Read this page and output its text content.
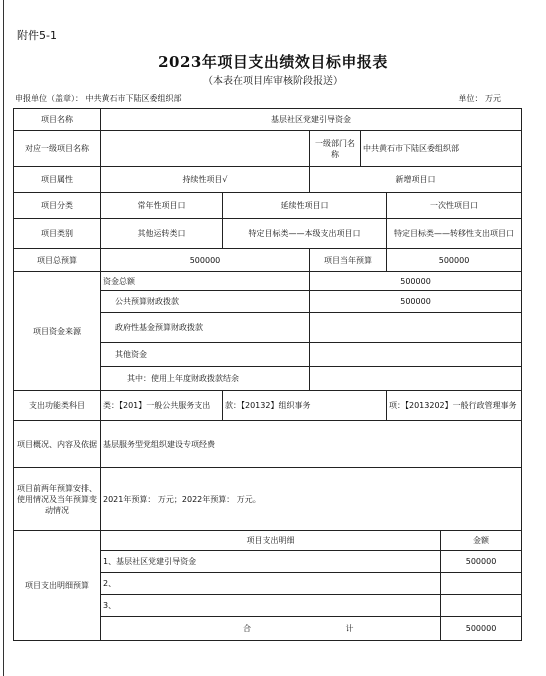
附件5-1
2023年项目支出绩效目标申报表
（本表在项目库审核阶段报送）
申报单位（盖章）： 中共黄石市下陆区委组织部	单位： 万元
项目名称	基层社区党建引导资金					
对应一级项目名称			一级部门名称	中共黄石市下陆区委组织部		
项目属性	持续性项目√		新增项目口			
项目分类	常年性项目口	延续性项目口			一次性项目口	
项目类别	其他运转类口	特定目标类——本级支出项目口			特定目标类——转移性支出项目口	
项目总预算	500000		项目当年预算		500000	
项目资金来源	资金总额		500000			
	公共预算财政拨款		500000			
	政府性基金预算财政拨款					
	其他资金					
	其中：使用上年度财政拨款结余					
支出功能类科目	类：【201】一般公共服务支出	款：【20132】组织事务			项：【2013202】一般行政管理事务	
项目概况、内容及依据	基层服务型党组织建设专项经费					
项目前两年预算安排、使用情况及当年预算变动情况	2021年预算： 万元；2022年预算： 万元。					
项目支出明细预算	项目支出明细					金额
	1、基层社区党建引导资金					500000
	2、					
	3、					
	合 计					500000
